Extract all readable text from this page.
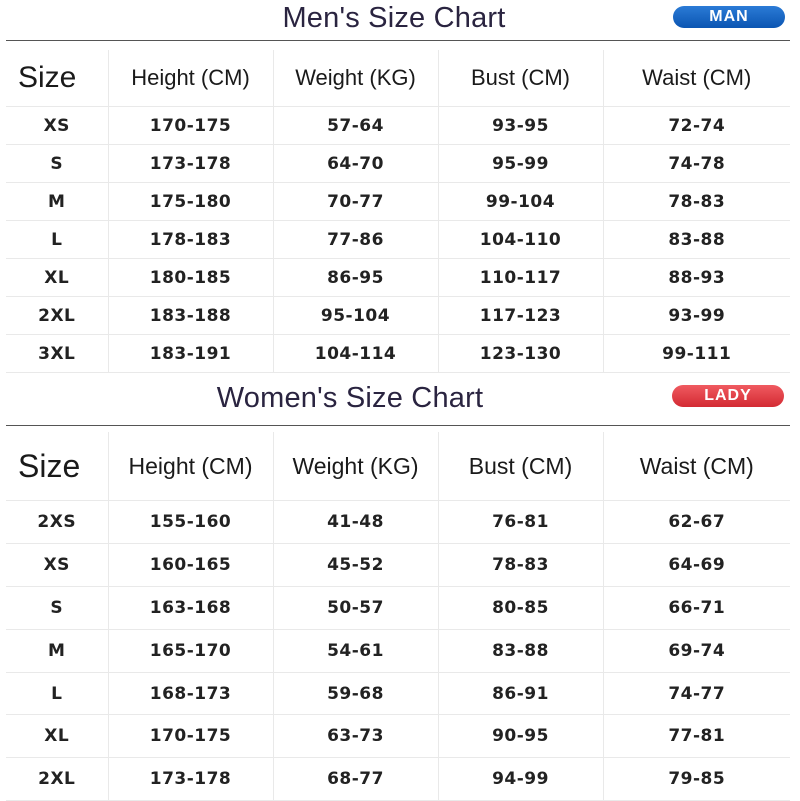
Men's Size Chart	MAN
Size	Height (CM)	Weight (KG)	Bust (CM)	Waist (CM)
XS	170-175	57-64	93-95	72-74
S	173-178	64-70	95-99	74-78
M	175-180	70-77	99-104	78-83
L	178-183	77-86	104-110	83-88
XL	180-185	86-95	110-117	88-93
2XL	183-188	95-104	117-123	93-99
3XL	183-191	104-114	123-130	99-111
Women's Size Chart	LADY
Size	Height (CM)	Weight (KG)	Bust (CM)	Waist (CM)
2XS	155-160	41-48	76-81	62-67
XS	160-165	45-52	78-83	64-69
S	163-168	50-57	80-85	66-71
M	165-170	54-61	83-88	69-74
L	168-173	59-68	86-91	74-77
XL	170-175	63-73	90-95	77-81
2XL	173-178	68-77	94-99	79-85
